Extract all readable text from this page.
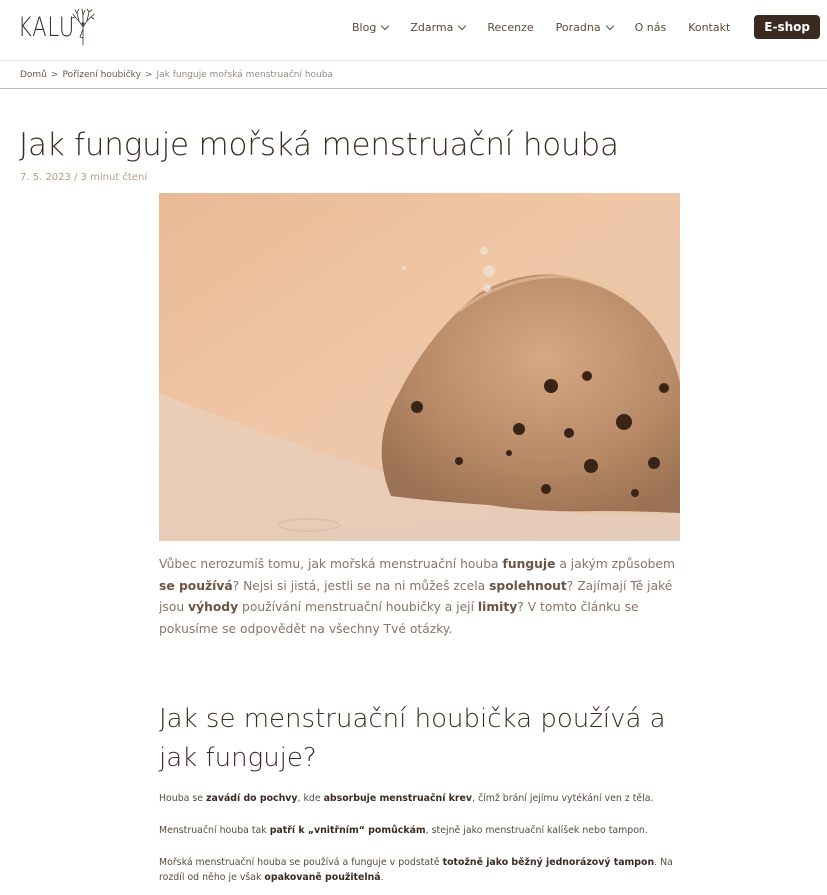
KALU	Blog	Zdarma	Recenze Poradna	O nás Kontakt	E-shop
Domů > Pořízení houbičky > Jak funguje mořská menstruační houba
Jak funguje mořská menstruační houba
7. 5. 2023 / 3 minut čtení

Vůbec nerozumíš tomu, jak mořská menstruační houba funguje a jakým způsobem se používá? Nejsi si jistá, jestli se na ni můžeš zcela spolehnout? Zajímají Tě jaké jsou výhody používání menstruační houbičky a její limity? V tomto článku se pokusíme se odpovědět na všechny Tvé otázky.

Jak se menstruační houbička používá a jak funguje?

Houba se zavádí do pochvy, kde absorbuje menstruační krev, čímž brání jejímu vytékání ven z těla.

Menstruační houba tak patří k „vnitřním“ pomůckám, stejně jako menstruační kalíšek nebo tampon.

Mořská menstruační houba se používá a funguje v podstatě totožně jako běžný jednorázový tampon. Na rozdíl od něho je však opakovaně použitelná.
